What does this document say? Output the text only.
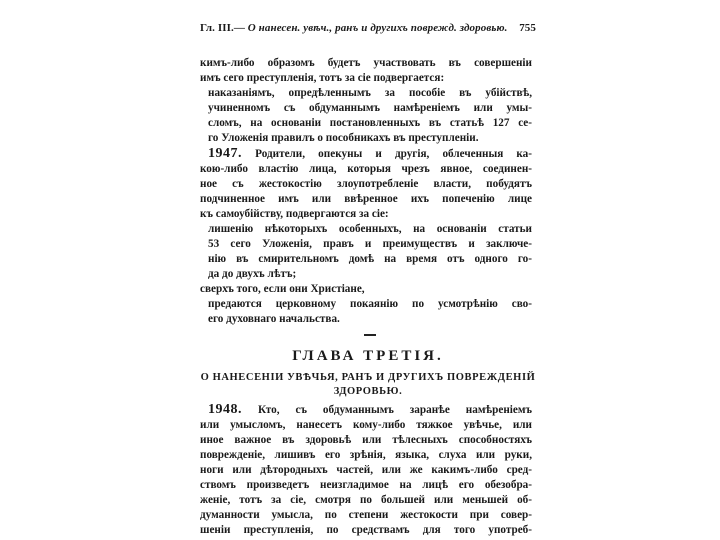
Гл. III.— О нанесен. увѣч., ранъ и другихъ поврежд. здоровью. 755
кимъ-либо образомъ будетъ участвовать въ совершенiи
имъ сего преступленiя, тотъ за сiе подвергается:
наказанiямъ, опредѣленнымъ за пособiе въ убiйствѣ,
учиненномъ съ обдуманнымъ намѣренiемъ или умы-
сломъ, на основанiи постановленныхъ въ статьѣ 127 се-
го Уложенiя правилъ о пособникахъ въ преступленiи.
1947. Родители, опекуны и другiя, облеченныя ка-
кою-либо властiю лица, которыя чрезъ явное, соединен-
ное съ жестокостiю злоупотребленiе власти, побудятъ
подчиненное имъ или ввѣренное ихъ попеченiю лице
къ самоубiйству, подвергаются за сiе:
лишенiю нѣкоторыхъ особенныхъ, на основанiи статьи
53 сего Уложенiя, правъ и преимуществъ и заключе-
нiю въ смирительномъ домѣ на время отъ одного го-
да до двухъ лѣтъ;
сверхъ того, если они Христiане,
предаются церковному покаянiю по усмотрѣнiю сво-
его духовнаго начальства.
ГЛАВА ТРЕТIЯ.
О НАНЕСЕНIИ УВѢЧЬЯ, РАНЪ И ДРУГИХЪ ПОВРЕЖДЕНIЙ
ЗДОРОВЬЮ.
1948. Кто, съ обдуманнымъ заранѣе намѣренiемъ
или умысломъ, нанесетъ кому-либо тяжкое увѣчье, или
иное важное въ здоровьѣ или тѣлесныхъ способностяхъ
поврежденiе, лишивъ его зрѣнiя, языка, слуха или руки,
ноги или дѣтородныхъ частей, или же какимъ-либо сред-
ствомъ произведетъ неизгладимое на лицѣ его обезобра-
женiе, тотъ за сiе, смотря по большей или меньшей об-
думанности умысла, по степени жестокости при совер-
шенiи преступленiя, по средствамъ для того употреб-
